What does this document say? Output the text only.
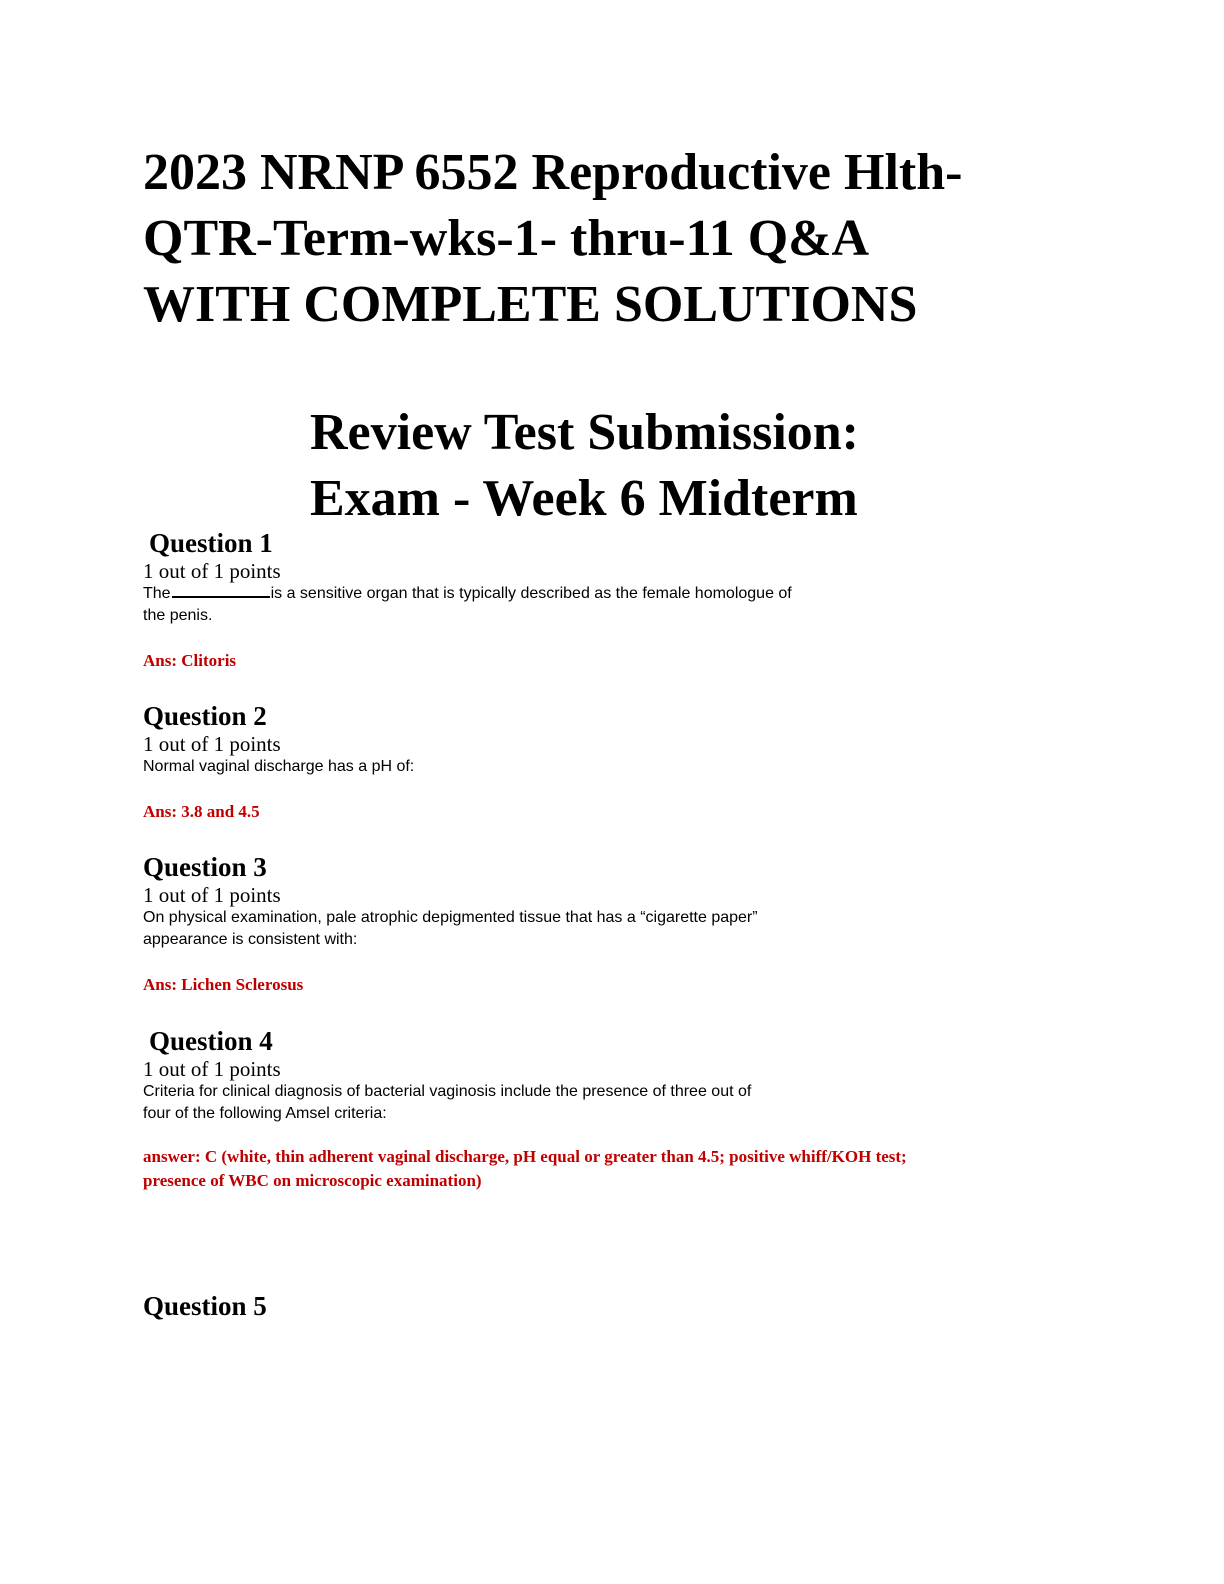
2023 NRNP 6552 Reproductive Hlth-
QTR-Term-wks-1- thru-11 Q&A
WITH COMPLETE SOLUTIONS
Review Test Submission:
Exam - Week 6 Midterm

Question 1

1 out of 1 points

The	is a sensitive organ that is typically described as the female homologue of
the penis.

Ans: Clitoris

Question 2

1 out of 1 points

Normal vaginal discharge has a pH of:

Ans: 3.8 and 4.5

Question 3

1 out of 1 points

On physical examination, pale atrophic depigmented tissue that has a “cigarette paper”
appearance is consistent with:

Ans: Lichen Sclerosus

Question 4

1 out of 1 points

Criteria for clinical diagnosis of bacterial vaginosis include the presence of three out of
four of the following Amsel criteria:

answer: C (white, thin adherent vaginal discharge, pH equal or greater than 4.5; positive whiff/KOH test;
presence of WBC on microscopic examination)

Question 5
